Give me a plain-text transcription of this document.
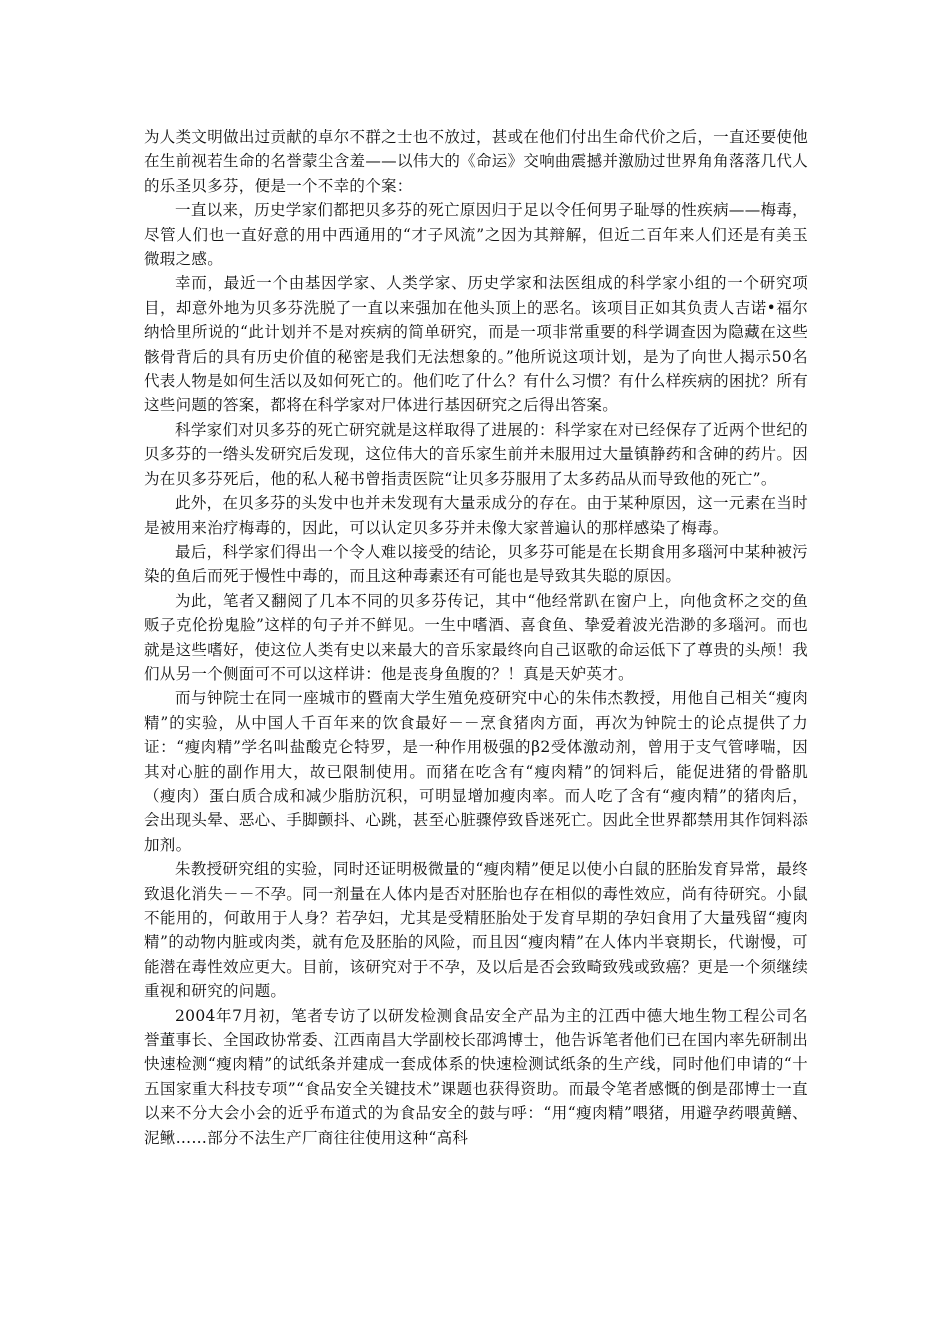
为人类文明做出过贡献的卓尔不群之士也不放过，甚或在他们付出生命代价之后，一直还要使他在生前视若生命的名誉蒙尘含羞——以伟大的《命运》交响曲震撼并激励过世界角角落落几代人的乐圣贝多芬，便是一个不幸的个案：

一直以来，历史学家们都把贝多芬的死亡原因归于足以令任何男子耻辱的性疾病——梅毒，尽管人们也一直好意的用中西通用的“才子风流”之因为其辩解，但近二百年来人们还是有美玉微瑕之感。

幸而，最近一个由基因学家、人类学家、历史学家和法医组成的科学家小组的一个研究项目，却意外地为贝多芬洗脱了一直以来强加在他头顶上的恶名。该项目正如其负责人吉诺•福尔纳恰里所说的“此计划并不是对疾病的简单研究，而是一项非常重要的科学调查因为隐藏在这些骸骨背后的具有历史价值的秘密是我们无法想象的。”他所说这项计划，是为了向世人揭示50名代表人物是如何生活以及如何死亡的。他们吃了什么？有什么习惯？有什么样疾病的困扰？所有这些问题的答案，都将在科学家对尸体进行基因研究之后得出答案。

科学家们对贝多芬的死亡研究就是这样取得了进展的：科学家在对已经保存了近两个世纪的贝多芬的一绺头发研究后发现，这位伟大的音乐家生前并未服用过大量镇静药和含砷的药片。因为在贝多芬死后，他的私人秘书曾指责医院“让贝多芬服用了太多药品从而导致他的死亡”。

此外，在贝多芬的头发中也并未发现有大量汞成分的存在。由于某种原因，这一元素在当时是被用来治疗梅毒的，因此，可以认定贝多芬并未像大家普遍认的那样感染了梅毒。

最后，科学家们得出一个令人难以接受的结论，贝多芬可能是在长期食用多瑙河中某种被污染的鱼后而死于慢性中毒的，而且这种毒素还有可能也是导致其失聪的原因。

为此，笔者又翻阅了几本不同的贝多芬传记，其中“他经常趴在窗户上，向他贪杯之交的鱼贩子克伦扮鬼脸”这样的句子并不鲜见。一生中嗜酒、喜食鱼、挚爱着波光浩渺的多瑙河。而也就是这些嗜好，使这位人类有史以来最大的音乐家最终向自己讴歌的命运低下了尊贵的头颅！我们从另一个侧面可不可以这样讲：他是丧身鱼腹的？！真是天妒英才。

而与钟院士在同一座城市的暨南大学生殖免疫研究中心的朱伟杰教授，用他自己相关“瘦肉精”的实验，从中国人千百年来的饮食最好－－烹食猪肉方面，再次为钟院士的论点提供了力证：“瘦肉精”学名叫盐酸克仑特罗，是一种作用极强的β2受体激动剂，曾用于支气管哮喘，因其对心脏的副作用大，故已限制使用。而猪在吃含有“瘦肉精”的饲料后，能促进猪的骨骼肌（瘦肉）蛋白质合成和减少脂肪沉积，可明显增加瘦肉率。而人吃了含有“瘦肉精”的猪肉后，会出现头晕、恶心、手脚颤抖、心跳，甚至心脏骤停致昏迷死亡。因此全世界都禁用其作饲料添加剂。

朱教授研究组的实验，同时还证明极微量的“瘦肉精”便足以使小白鼠的胚胎发育异常，最终致退化消失－－不孕。同一剂量在人体内是否对胚胎也存在相似的毒性效应，尚有待研究。小鼠不能用的，何敢用于人身？若孕妇，尤其是受精胚胎处于发育早期的孕妇食用了大量残留“瘦肉精”的动物内脏或肉类，就有危及胚胎的风险，而且因“瘦肉精”在人体内半衰期长，代谢慢，可能潜在毒性效应更大。目前，该研究对于不孕，及以后是否会致畸致残或致癌？更是一个须继续重视和研究的问题。

2004年7月初，笔者专访了以研发检测食品安全产品为主的江西中德大地生物工程公司名誉董事长、全国政协常委、江西南昌大学副校长邵鸿博士，他告诉笔者他们已在国内率先研制出快速检测“瘦肉精”的试纸条并建成一套成体系的快速检测试纸条的生产线，同时他们申请的“十五国家重大科技专项”“食品安全关键技术”课题也获得资助。而最令笔者感慨的倒是邵博士一直以来不分大会小会的近乎布道式的为食品安全的鼓与呼：“用“瘦肉精”喂猪，用避孕药喂黄鳝、泥鳅……部分不法生产厂商往往使用这种“高科
